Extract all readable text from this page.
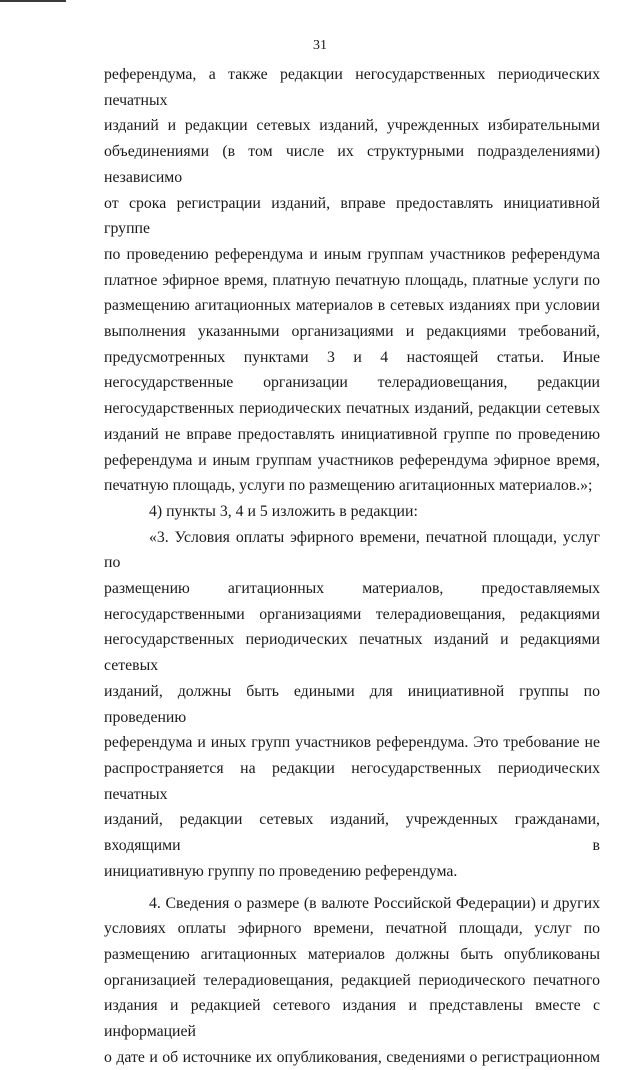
31
референдума, а также редакции негосударственных периодических печатных
изданий и редакции сетевых изданий, учрежденных избирательными
объединениями (в том числе их структурными подразделениями) независимо
от срока регистрации изданий, вправе предоставлять инициативной группе
по проведению референдума и иным группам участников референдума
платное эфирное время, платную печатную площадь, платные услуги по
размещению агитационных материалов в сетевых изданиях при условии
выполнения указанными организациями и редакциями требований,
предусмотренных пунктами 3 и 4 настоящей статьи. Иные
негосударственные организации телерадиовещания, редакции
негосударственных периодических печатных изданий, редакции сетевых
изданий не вправе предоставлять инициативной группе по проведению
референдума и иным группам участников референдума эфирное время,
печатную площадь, услуги по размещению агитационных материалов.»;
4) пункты 3, 4 и 5 изложить в редакции:
«3. Условия оплаты эфирного времени, печатной площади, услуг по
размещению агитационных материалов, предоставляемых
негосударственными организациями телерадиовещания, редакциями
негосударственных периодических печатных изданий и редакциями сетевых
изданий, должны быть едиными для инициативной группы по проведению
референдума и иных групп участников референдума. Это требование не
распространяется на редакции негосударственных периодических печатных
изданий, редакции сетевых изданий, учрежденных гражданами, входящими в
инициативную группу по проведению референдума.
4. Сведения о размере (в валюте Российской Федерации) и других
условиях оплаты эфирного времени, печатной площади, услуг по
размещению агитационных материалов должны быть опубликованы
организацией телерадиовещания, редакцией периодического печатного
издания и редакцией сетевого издания и представлены вместе с информацией
о дате и об источнике их опубликования, сведениями о регистрационном
